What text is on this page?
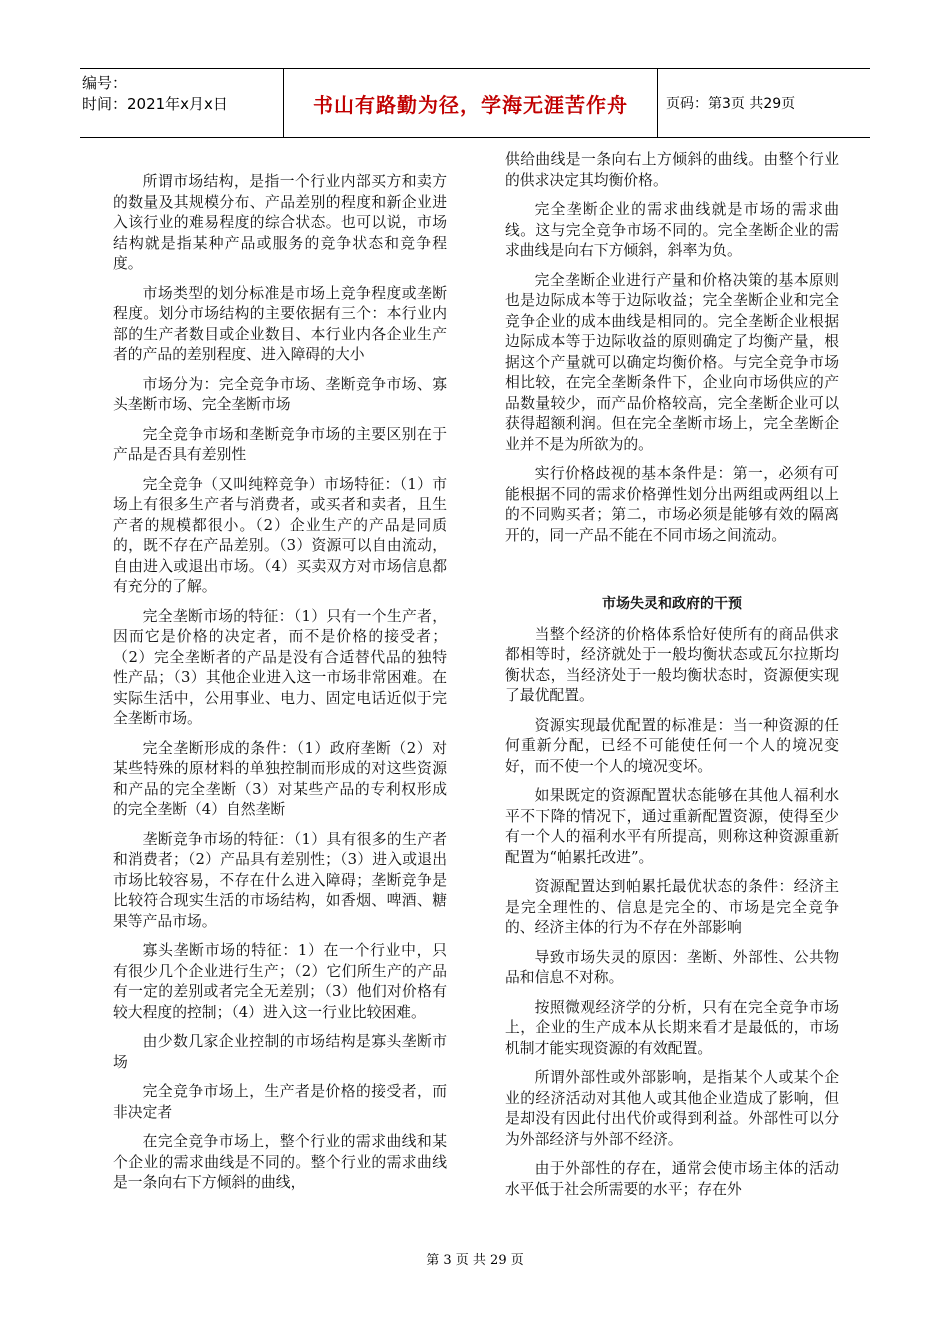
编号：
时间：2021年x月x日	书山有路勤为径，学海无涯苦作舟	页码：第3页 共29页

所谓市场结构，是指一个行业内部买方和卖方的数量及其规模分布、产品差别的程度和新企业进入该行业的难易程度的综合状态。也可以说，市场结构就是指某种产品或服务的竞争状态和竞争程度。

市场类型的划分标准是市场上竞争程度或垄断程度。划分市场结构的主要依据有三个：本行业内部的生产者数目或企业数目、本行业内各企业生产者的产品的差别程度、进入障碍的大小

市场分为：完全竞争市场、垄断竞争市场、寡头垄断市场、完全垄断市场

完全竞争市场和垄断竞争市场的主要区别在于产品是否具有差别性

完全竞争（又叫纯粹竞争）市场特征：（1）市场上有很多生产者与消费者，或买者和卖者，且生产者的规模都很小。（2）企业生产的产品是同质的，既不存在产品差别。（3）资源可以自由流动，自由进入或退出市场。（4）买卖双方对市场信息都有充分的了解。

完全垄断市场的特征：（1）只有一个生产者，因而它是价格的决定者，而不是价格的接受者；（2）完全垄断者的产品是没有合适替代品的独特性产品；（3）其他企业进入这一市场非常困难。在实际生活中，公用事业、电力、固定电话近似于完全垄断市场。

完全垄断形成的条件：（1）政府垄断（2）对某些特殊的原材料的单独控制而形成的对这些资源和产品的完全垄断（3）对某些产品的专利权形成的完全垄断（4）自然垄断

垄断竞争市场的特征：（1）具有很多的生产者和消费者；（2）产品具有差别性；（3）进入或退出市场比较容易，不存在什么进入障碍；垄断竞争是比较符合现实生活的市场结构，如香烟、啤酒、糖果等产品市场。

寡头垄断市场的特征：1）在一个行业中，只有很少几个企业进行生产；（2）它们所生产的产品有一定的差别或者完全无差别；（3）他们对价格有较大程度的控制；（4）进入这一行业比较困难。

由少数几家企业控制的市场结构是寡头垄断市场

完全竞争市场上，生产者是价格的接受者，而非决定者

在完全竞争市场上，整个行业的需求曲线和某个企业的需求曲线是不同的。整个行业的需求曲线是一条向右下方倾斜的曲线，

供给曲线是一条向右上方倾斜的曲线。由整个行业的供求决定其均衡价格。

完全垄断企业的需求曲线就是市场的需求曲线。这与完全竞争市场不同的。完全垄断企业的需求曲线是向右下方倾斜，斜率为负。

完全垄断企业进行产量和价格决策的基本原则也是边际成本等于边际收益；完全垄断企业和完全竞争企业的成本曲线是相同的。完全垄断企业根据边际成本等于边际收益的原则确定了均衡产量，根据这个产量就可以确定均衡价格。与完全竞争市场相比较，在完全垄断条件下，企业向市场供应的产品数量较少，而产品价格较高，完全垄断企业可以获得超额利润。但在完全垄断市场上，完全垄断企业并不是为所欲为的。

实行价格歧视的基本条件是：第一，必须有可能根据不同的需求价格弹性划分出两组或两组以上的不同购买者；第二，市场必须是能够有效的隔离开的，同一产品不能在不同市场之间流动。

市场失灵和政府的干预

当整个经济的价格体系恰好使所有的商品供求都相等时，经济就处于一般均衡状态或瓦尔拉斯均衡状态，当经济处于一般均衡状态时，资源便实现了最优配置。

资源实现最优配置的标准是：当一种资源的任何重新分配，已经不可能使任何一个人的境况变好，而不使一个人的境况变坏。

如果既定的资源配置状态能够在其他人福利水平不下降的情况下，通过重新配置资源，使得至少有一个人的福利水平有所提高，则称这种资源重新配置为“帕累托改进”。

资源配置达到帕累托最优状态的条件：经济主是完全理性的、信息是完全的、市场是完全竞争的、经济主体的行为不存在外部影响

导致市场失灵的原因：垄断、外部性、公共物品和信息不对称。

按照微观经济学的分析，只有在完全竞争市场上，企业的生产成本从长期来看才是最低的，市场机制才能实现资源的有效配置。

所谓外部性或外部影响，是指某个人或某个企业的经济活动对其他人或其他企业造成了影响，但是却没有因此付出代价或得到利益。外部性可以分为外部经济与外部不经济。

由于外部性的存在，通常会使市场主体的活动水平低于社会所需要的水平；存在外

第 3 页 共 29 页
